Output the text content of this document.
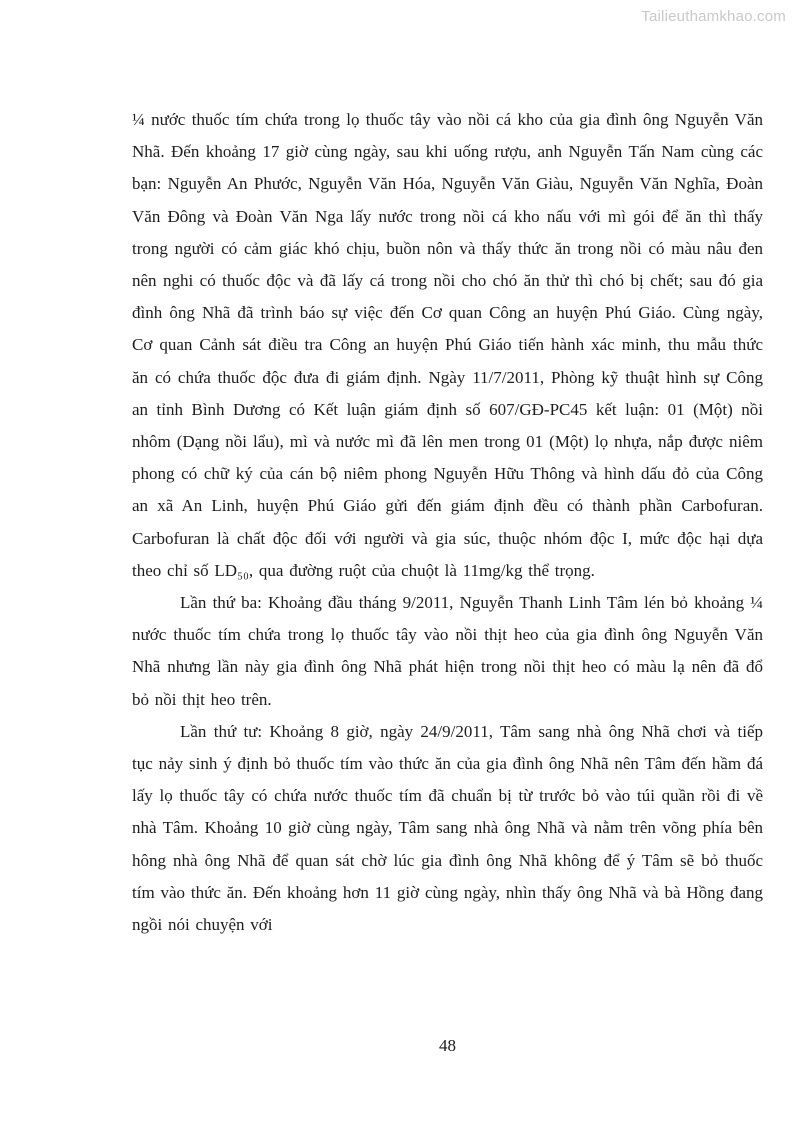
Tailieuthamkhao.com

¼ nước thuốc tím chứa trong lọ thuốc tây vào nồi cá kho của gia đình ông Nguyễn Văn Nhã. Đến khoảng 17 giờ cùng ngày, sau khi uống rượu, anh Nguyễn Tấn Nam cùng các bạn: Nguyễn An Phước, Nguyễn Văn Hóa, Nguyễn Văn Giàu, Nguyễn Văn Nghĩa, Đoàn Văn Đông và Đoàn Văn Nga lấy nước trong nồi cá kho nấu với mì gói để ăn thì thấy trong người có cảm giác khó chịu, buồn nôn và thấy thức ăn trong nồi có màu nâu đen nên nghi có thuốc độc và đã lấy cá trong nồi cho chó ăn thử thì chó bị chết; sau đó gia đình ông Nhã đã trình báo sự việc đến Cơ quan Công an huyện Phú Giáo. Cùng ngày, Cơ quan Cảnh sát điều tra Công an huyện Phú Giáo tiến hành xác minh, thu mẫu thức ăn có chứa thuốc độc đưa đi giám định. Ngày 11/7/2011, Phòng kỹ thuật hình sự Công an tỉnh Bình Dương có Kết luận giám định số 607/GĐ-PC45 kết luận: 01 (Một) nồi nhôm (Dạng nồi lẩu), mì và nước mì đã lên men trong 01 (Một) lọ nhựa, nắp được niêm phong có chữ ký của cán bộ niêm phong Nguyễn Hữu Thông và hình dấu đỏ của Công an xã An Linh, huyện Phú Giáo gửi đến giám định đều có thành phần Carbofuran. Carbofuran là chất độc đối với người và gia súc, thuộc nhóm độc I, mức độc hại dựa theo chỉ số LD₅₀, qua đường ruột của chuột là 11mg/kg thể trọng.

Lần thứ ba: Khoảng đầu tháng 9/2011, Nguyễn Thanh Linh Tâm lén bỏ khoảng ¼ nước thuốc tím chứa trong lọ thuốc tây vào nồi thịt heo của gia đình ông Nguyễn Văn Nhã nhưng lần này gia đình ông Nhã phát hiện trong nồi thịt heo có màu lạ nên đã đổ bỏ nồi thịt heo trên.

Lần thứ tư: Khoảng 8 giờ, ngày 24/9/2011, Tâm sang nhà ông Nhã chơi và tiếp tục nảy sinh ý định bỏ thuốc tím vào thức ăn của gia đình ông Nhã nên Tâm đến hầm đá lấy lọ thuốc tây có chứa nước thuốc tím đã chuẩn bị từ trước bỏ vào túi quần rồi đi về nhà Tâm. Khoảng 10 giờ cùng ngày, Tâm sang nhà ông Nhã và nằm trên võng phía bên hông nhà ông Nhã để quan sát chờ lúc gia đình ông Nhã không để ý Tâm sẽ bỏ thuốc tím vào thức ăn. Đến khoảng hơn 11 giờ cùng ngày, nhìn thấy ông Nhã và bà Hồng đang ngồi nói chuyện với

48
